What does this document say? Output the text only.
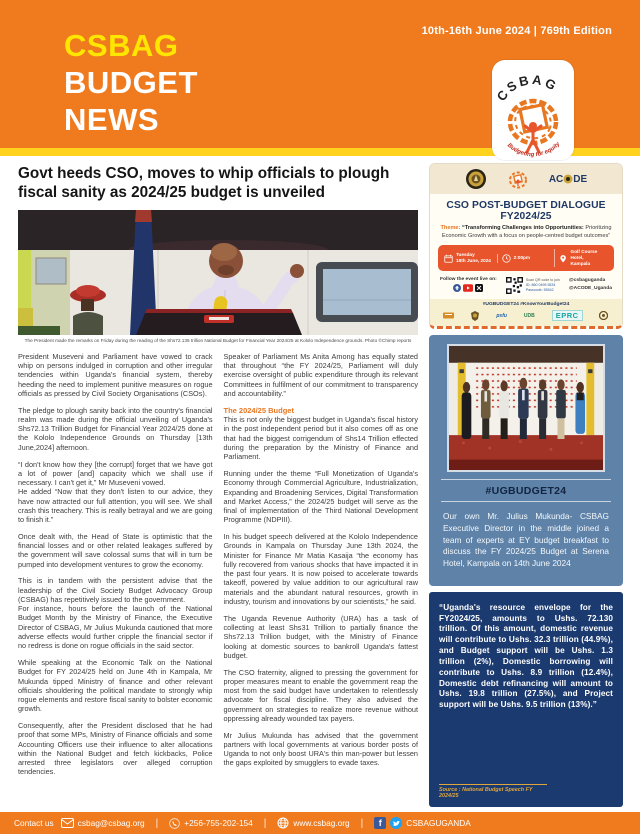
10th-16th June 2024 | 769th Edition
CSBAG
BUDGET
NEWS
CSBAG
Budgeting for equity
Govt heeds CSO, moves to whip officials to plough fiscal sanity as 2024/25 budget is unveiled
The President made the remarks on Friday during the reading of the Shs72.136 trillion National Budget for Financial Year 2024/25 at Kololo Independence grounds. Photo ©Chimp reports

President Museveni and Parliament have vowed to crack whip on persons indulged in corruption and other irregular tendencies within Uganda's financial system, thereby heeding the need to implement punitive measures on rogue officials as pressed by Civil Society Organisations (CSOs).

The pledge to plough sanity back into the country's financial realm was made during the official unveiling of Uganda's Shs72.13 Trillion Budget for Financial Year 2024/25 done at the Kololo Independence Grounds on Thursday [13th June,2024] afternoon.

“I don't know how they [the corrupt] forget that we have got a lot of power [and] capacity which we shall use if necessary. I can't get it,” Mr Museveni vowed.

He added “Now that they don't listen to our advice, they have now attracted our full attention, you will see. We shall crash this treachery. This is really betrayal and we are going to finish it.”

Once dealt with, the Head of State is optimistic that the financial losses and or other related leakages suffered by the government will save colossal sums that will in turn be pumped into development ventures to grow the economy.

This is in tandem with the persistent advise that the leadership of the Civil Society Budget Advocacy Group (CSBAG) has repetitively issued to the government.

For instance, hours before the launch of the National Budget Month by the Ministry of Finance, the Executive Director of CSBAG, Mr Julius Mukunda cautioned that more adverse effects would further cripple the financial sector if no redress is done on rogue officials in the said sector.

While speaking at the Economic Talk on the National Budget for FY 2024/25 held on June 4th in Kampala, Mr Mukunda tipped Ministry of finance and other relevant officials shouldering the political mandate to strongly whip rogue elements and restore fiscal sanity to bolster economic growth.

Consequently, after the President disclosed that he had proof that some MPs, Ministry of Finance officials and some Accounting Officers use their influence to alter allocations within the National Budget and fetch kickbacks, Police arrested three legislators over alleged corruption tendencies.

Speaker of Parliament Ms Anita Among has equally stated that throughout “the FY 2024/25, Parliament will duly exercise oversight of public expenditure through its relevant Committees in fulfilment of our commitment to transparency and accountability.”

The 2024/25 Budget

This is not only the biggest budget in Uganda's fiscal history in the post independent period but it also comes off as one that had the biggest corrigendum of Shs14 Trillion effected during the preparation by the Ministry of Finance and Parliament.

Running under the theme “Full Monetization of Uganda's Economy through Commercial Agriculture, Industrialization, Expanding and Broadening Services, Digital Transformation and Market Access,” the 2024/25 budget will serve as the final of implementation of the Third National Development Programme (NDPIII).

In his budget speech delivered at the Kololo Independence Grounds in Kampala on Thursday June 13th 2024, the Minister for Finance Mr Matia Kasaija “the economy has fully recovered from various shocks that have impacted it in the past four years. It is now poised to accelerate towards takeoff, powered by value addition to our agricultural raw materials and the abundant natural resources, growth in industry, tourism and innovations by our scientists,” he said.

The Uganda Revenue Authority (URA) has a task of collecting at least Shs31 Trillion to partially finance the Shs72.13 Trillion budget, with the Ministry of Finance looking at domestic sources to bankroll Uganda's fattest budget.

The CSO fraternity, aligned to pressing the government for proper measures meant to enable the government reap the most from the said budget have undertaken to relentlessly advocate for fiscal discipline. They also advised the government on strategies to realize more revenue without oppressing already wounded tax payers.

Mr Julius Mukunda has advised that the government partners with local governments at various border posts of Uganda to not only boost URA's thin man-power but lessen the gaps exploited by smugglers to evade taxes.

AC DE
CSO POST-BUDGET DIALOGUE FY2024/25
Theme: “Transforming Challenges into Opportunities: Prioritizing Economic Growth with a focus on people-centred budget outcomes”
Tuesday
18th June, 2024
2:00pm
Golf Course Hotel,
Kampala
Follow the event live on:	Scan QR code to join
ID: 860 0495 5534
Passcode: 55542
@csbaguganda
@ACODE_Uganda
#UGBUDGET24 #KnowYourBudget24
psfu	UDB	EPRC
#UGBUDGET24

Our own Mr. Julius Mukunda- CSBAG Executive Director in the middle joined a team of experts at EY budget breakfast to discuss the FY 2024/25 Budget at Serena Hotel, Kampala on 14th June 2024

“Uganda's resource envelope for the FY2024/25, amounts to Ushs. 72.130 trillion. Of this amount, domestic revenue will contribute to Ushs. 32.3 trillion (44.9%), and Budget support will be Ushs. 1.3 trillion (2%), Domestic borrowing will contribute to Ushs. 8.9 trillion (12.4%), Domestic debt refinancing will amount to Ushs. 19.8 trillion (27.5%), and Project support will be Ushs. 9.5 trillion (13%).”

Source : National Budget Speech FY 2024/25
Contact us	csbag@csbag.org |	+256-755-202-154 |	www.csbag.org |	f	CSBAGUGANDA
